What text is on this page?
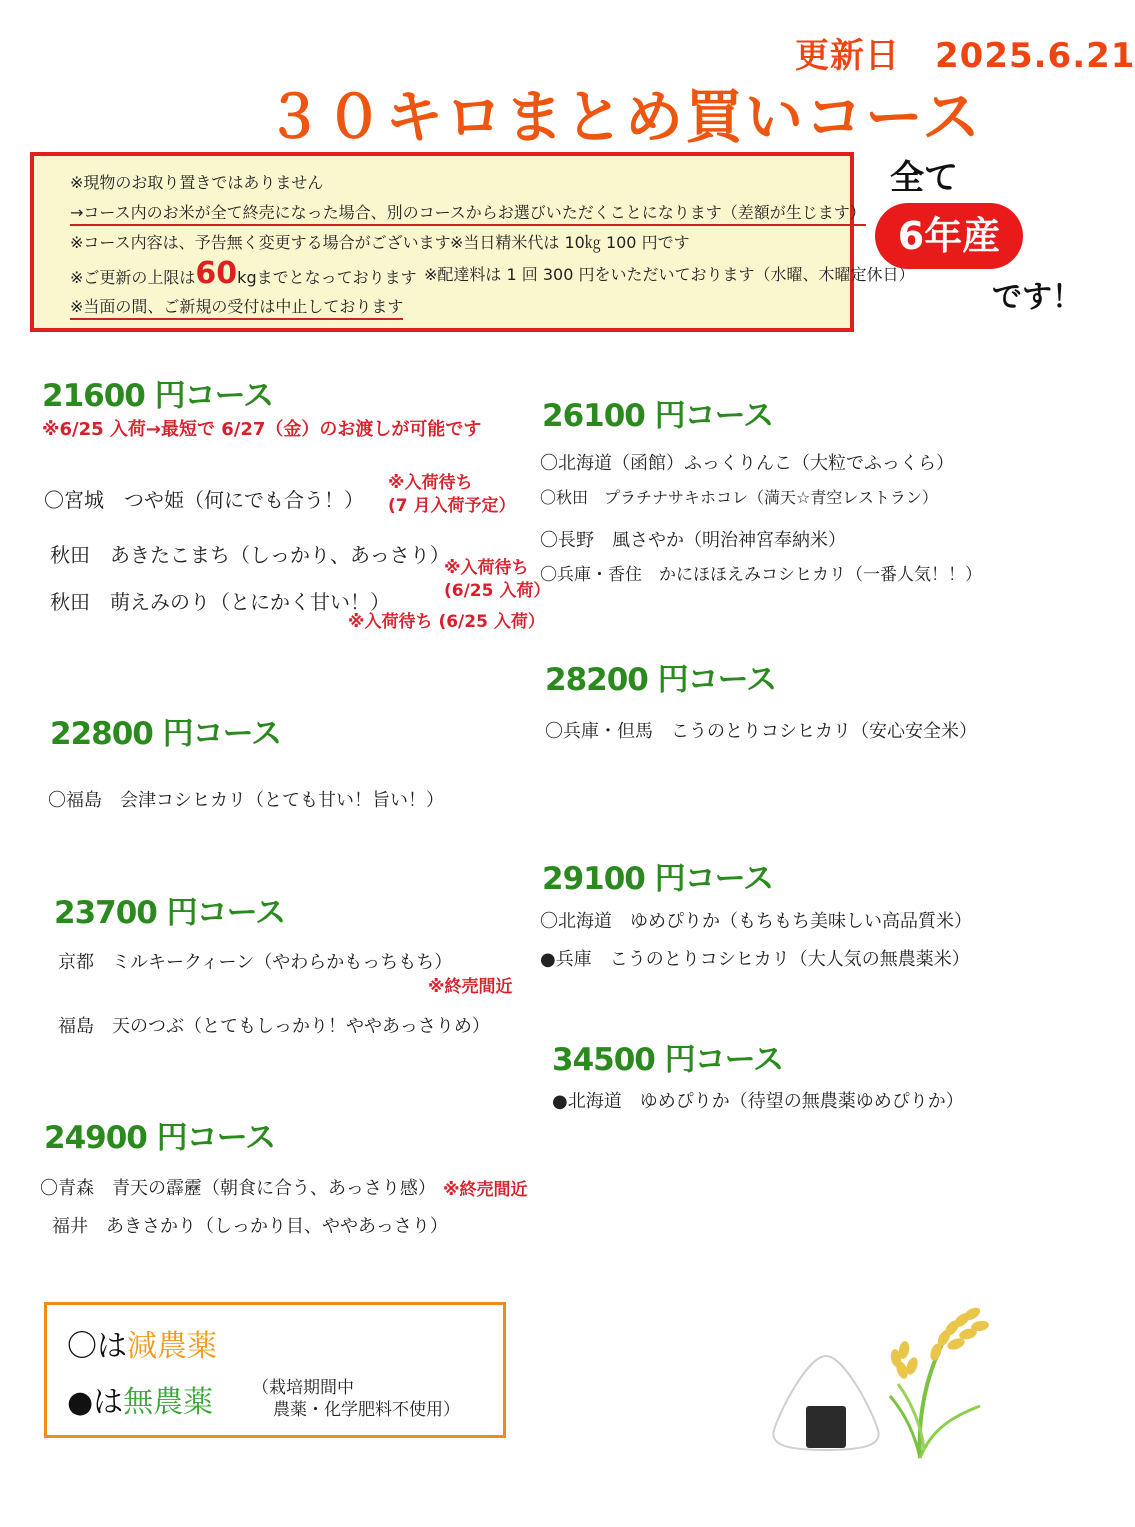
更新日　2025.6.21
３０キロまとめ買いコース
※現物のお取り置きではありません
→コース内のお米が全て終売になった場合、別のコースからお選びいただくことになります（差額が生じます）
※コース内容は、予告無く変更する場合がございます ※当日精米代は 10㎏ 100 円です
※ご更新の上限は60kgまでとなっております ※配達料は 1 回 300 円をいただいております（水曜、木曜定休日）
※当面の間、ご新規の受付は中止しております
全て
6年産
です！
21600 円コース
※6/25 入荷→最短で 6/27（金）のお渡しが可能です
〇宮城　つや姫（何にでも合う！）
※入荷待ち
(7 月入荷予定）
秋田　あきたこまち（しっかり、あっさり）
※入荷待ち
(6/25 入荷）
秋田　萌えみのり（とにかく甘い！）
※入荷待ち (6/25 入荷）
22800 円コース
〇福島　会津コシヒカリ（とても甘い！旨い！）
23700 円コース
京都　ミルキークィーン（やわらかもっちもち）
※終売間近
福島　天のつぶ（とてもしっかり！ややあっさりめ）
24900 円コース
〇青森　青天の霹靂（朝食に合う、あっさり感） ※終売間近
福井　あきさかり（しっかり目、ややあっさり）
26100 円コース
〇北海道（函館）ふっくりんこ（大粒でふっくら）
〇秋田　プラチナサキホコレ（満天☆青空レストラン）
〇長野　風さやか（明治神宮奉納米）
〇兵庫・香住　かにほほえみコシヒカリ（一番人気！！）
28200 円コース
〇兵庫・但馬　こうのとりコシヒカリ（安心安全米）
29100 円コース
〇北海道　ゆめぴりか（もちもち美味しい高品質米）
●兵庫　こうのとりコシヒカリ（大人気の無農薬米）
34500 円コース
●北海道　ゆめぴりか（待望の無農薬ゆめぴりか）
〇は減農薬
●は無農薬 （栽培期間中
農薬・化学肥料不使用）
